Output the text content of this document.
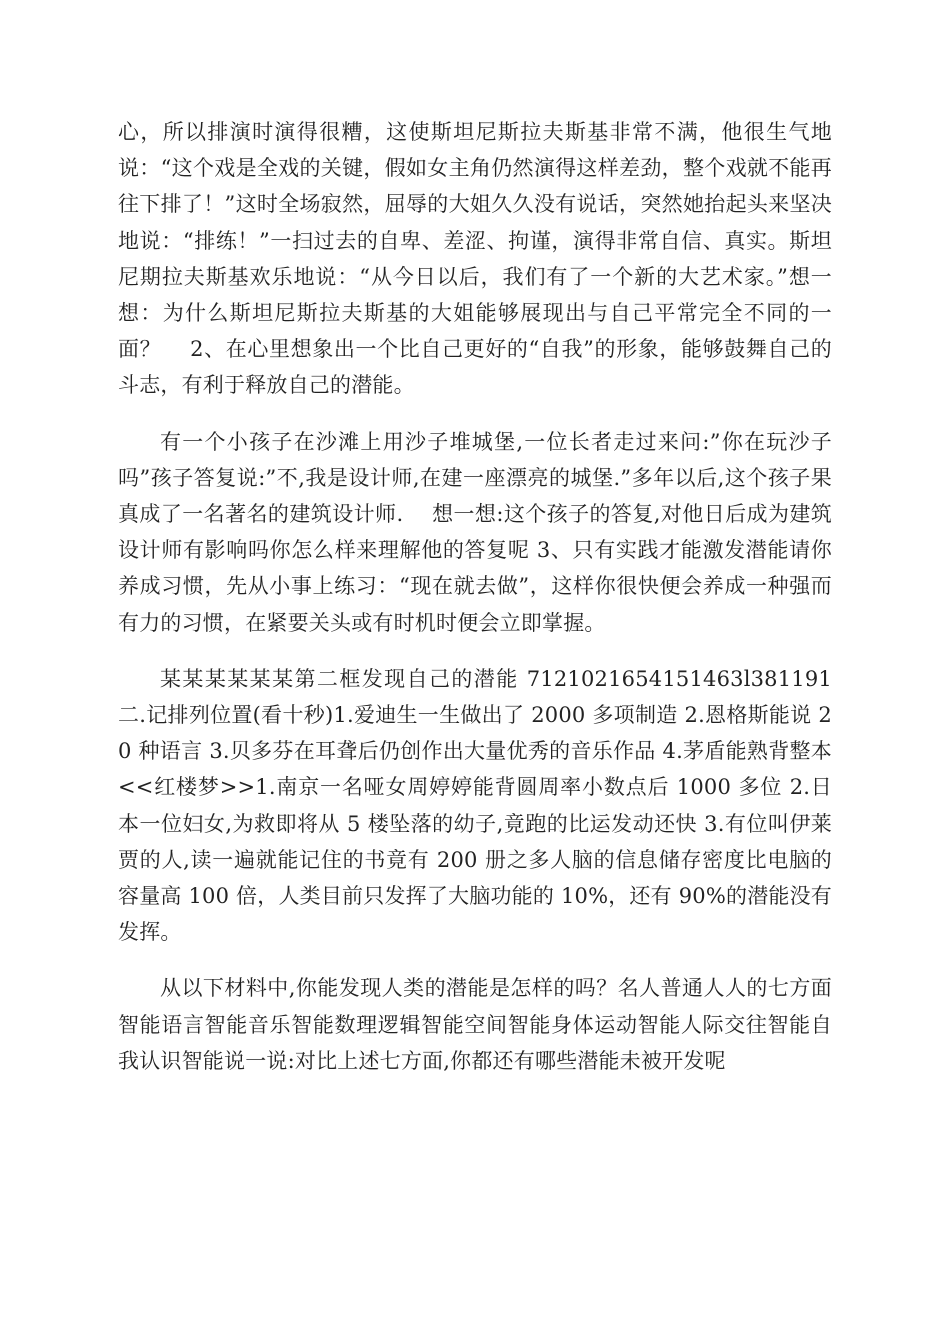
心，所以排演时演得很糟，这使斯坦尼斯拉夫斯基非常不满，他很生气地说：“这个戏是全戏的关键，假如女主角仍然演得这样差劲，整个戏就不能再往下排了！”这时全场寂然，屈辱的大姐久久没有说话，突然她抬起头来坚决地说：“排练！”一扫过去的自卑、差涩、拘谨，演得非常自信、真实。斯坦尼期拉夫斯基欢乐地说：“从今日以后，我们有了一个新的大艺术家。”想一想：为什么斯坦尼斯拉夫斯基的大姐能够展现出与自己平常完全不同的一面？　 2、在心里想象出一个比自己更好的“自我”的形象，能够鼓舞自己的斗志，有利于释放自己的潜能。

有一个小孩子在沙滩上用沙子堆城堡,一位长者走过来问:”你在玩沙子吗”孩子答复说:”不,我是设计师,在建一座漂亮的城堡.”多年以后,这个孩子果真成了一名著名的建筑设计师.　 想一想:这个孩子的答复,对他日后成为建筑设计师有影响吗你怎么样来理解他的答复呢 3、只有实践才能激发潜能请你养成习惯，先从小事上练习：“现在就去做”，这样你很快便会养成一种强而有力的习惯，在紧要关头或有时机时便会立即掌握。

某某某某某某第二框发现自己的潜能 7121021654151463l381191 二.记排列位置(看十秒)1.爱迪生一生做出了 2000 多项制造 2.恩格斯能说 20 种语言 3.贝多芬在耳聋后仍创作出大量优秀的音乐作品 4.茅盾能熟背整本<<红楼梦>>1.南京一名哑女周婷婷能背圆周率小数点后 1000 多位 2.日本一位妇女,为救即将从 5 楼坠落的幼子,竟跑的比运发动还快 3.有位叫伊莱贾的人,读一遍就能记住的书竟有 200 册之多人脑的信息储存密度比电脑的容量高 100 倍，人类目前只发挥了大脑功能的 10%，还有 90%的潜能没有发挥。

从以下材料中,你能发现人类的潜能是怎样的吗？名人普通人人的七方面智能语言智能音乐智能数理逻辑智能空间智能身体运动智能人际交往智能自我认识智能说一说:对比上述七方面,你都还有哪些潜能未被开发呢
